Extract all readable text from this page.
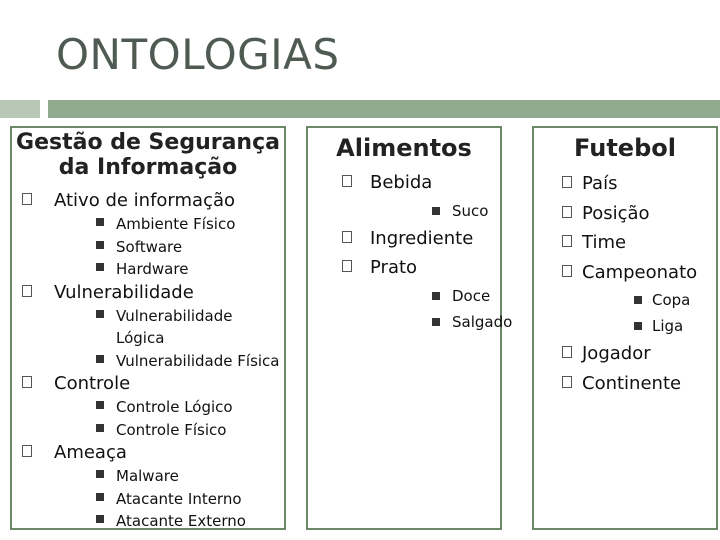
ONTOLOGIAS
Gestão de Segurança da Informação
Ativo de informação
Ambiente Físico
Software
Hardware
Vulnerabilidade
Vulnerabilidade Lógica
Vulnerabilidade Física
Controle
Controle Lógico
Controle Físico
Ameaça
Malware
Atacante Interno
Atacante Externo
Alimentos
Bebida
Suco
Ingrediente
Prato
Doce
Salgado
Futebol
País
Posição
Time
Campeonato
Copa
Liga
Jogador
Continente
